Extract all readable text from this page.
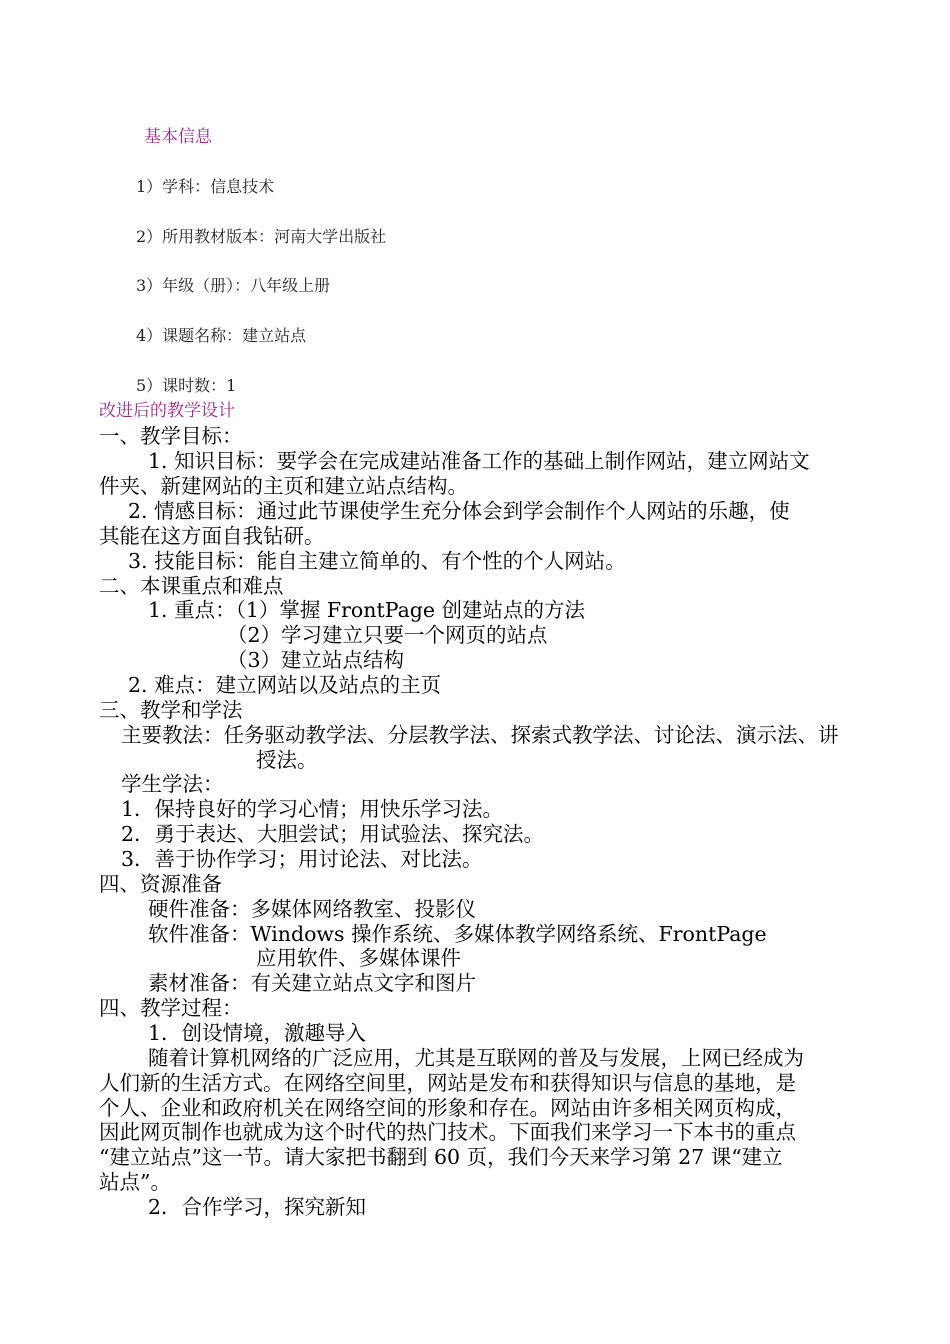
基本信息
1）学科：信息技术
2）所用教材版本：河南大学出版社
3）年级（册）：八年级上册
4）课题名称：建立站点
5）课时数：1
改进后的教学设计
一、教学目标：
1. 知识目标：要学会在完成建站准备工作的基础上制作网站，建立网站文
件夹、新建网站的主页和建立站点结构。
2. 情感目标：通过此节课使学生充分体会到学会制作个人网站的乐趣，使
其能在这方面自我钻研。
3. 技能目标：能自主建立简单的、有个性的个人网站。
二、本课重点和难点
1. 重点：（1）掌握 FrontPage 创建站点的方法
（2）学习建立只要一个网页的站点
（3）建立站点结构
2. 难点：建立网站以及站点的主页
三、教学和学法
主要教法：任务驱动教学法、分层教学法、探索式教学法、讨论法、演示法、讲
授法。
学生学法：
1．保持良好的学习心情；用快乐学习法。
2．勇于表达、大胆尝试；用试验法、探究法。
3．善于协作学习；用讨论法、对比法。
四、资源准备
硬件准备：多媒体网络教室、投影仪
软件准备：Windows 操作系统、多媒体教学网络系统、FrontPage
应用软件、多媒体课件
素材准备：有关建立站点文字和图片
四、教学过程：
1．创设情境，激趣导入
随着计算机网络的广泛应用，尤其是互联网的普及与发展，上网已经成为
人们新的生活方式。在网络空间里，网站是发布和获得知识与信息的基地，是
个人、企业和政府机关在网络空间的形象和存在。网站由许多相关网页构成，
因此网页制作也就成为这个时代的热门技术。下面我们来学习一下本书的重点
“建立站点”这一节。请大家把书翻到 60 页，我们今天来学习第 27 课“建立
站点”。
2．合作学习，探究新知
